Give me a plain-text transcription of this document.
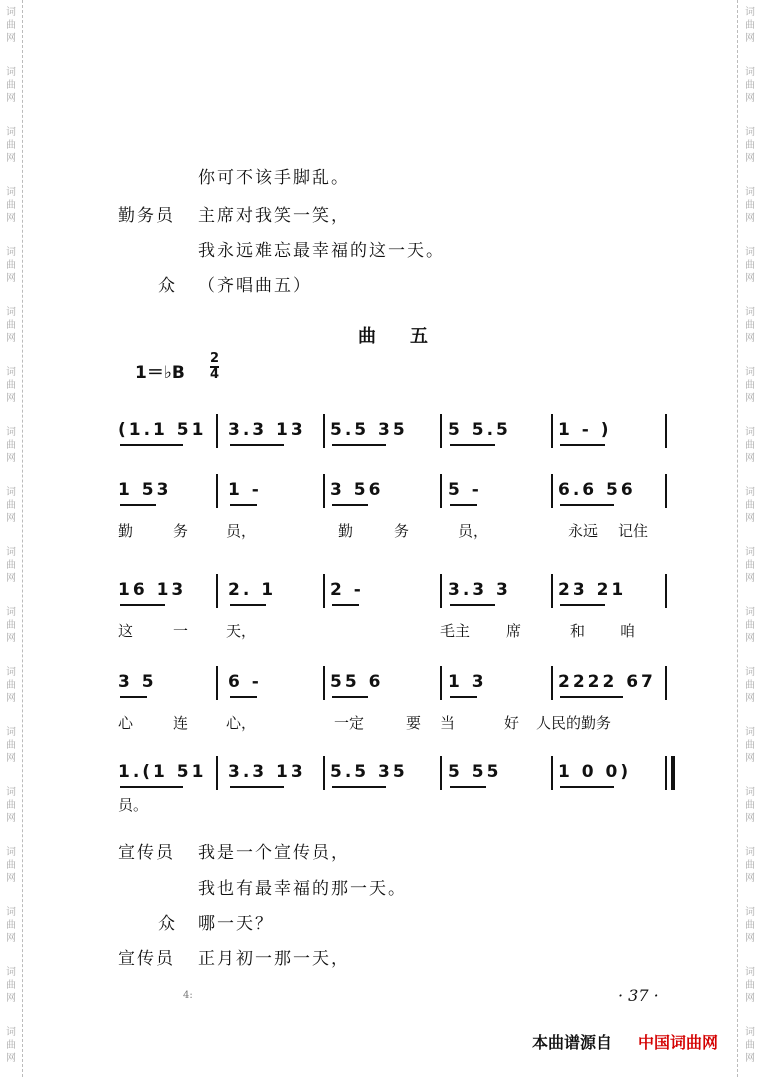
词
曲
网
词
曲
网
词
曲
网
词
曲
网
词
曲
网
词
曲
网
词
曲
网
词
曲
网
词
曲
网
词
曲
网
词
曲
网
词
曲
网
词
曲
网
词
曲
网
词
曲
网
词
曲
网
词
曲
网
词
曲
网
词
曲
网
词
曲
网
词
曲
网
词
曲
网
词
曲
网
词
曲
网
词
曲
网
词
曲
网
词
曲
网
词
曲
网
词
曲
网
词
曲
网
词
曲
网
词
曲
网
词
曲
网
词
曲
网
词
曲
网
词
曲
网
你可不该手脚乱。
勤务员 主席对我笑一笑，
我永远难忘最幸福的这一天。
众 （齐唱曲五）
曲五
1＝♭B $\frac{2}{4}$
(1.1 51 3.3 13 5.5 35 5 5.5	1 - )
1 53	1 -	3 56	5 -	6.6 56
勤	务	员，	勤	务	员，	永远 记住
16 13 2. 1	2 -	3.3 3	23 21
这	一	天，	毛主 席	和 咱
3 5	6 -	55 6	1 3	2222 67
心	连	心，	一定	要 当	好 人民的勤务
1.(1 51 3.3 13 5.5 35 5 55	1 0 0)
员。
宣传员 我是一个宣传员，
我也有最幸福的那一天。
众 哪一天？
宣传员 正月初一那一天，
4:	· 37 ·
本曲谱源自 中国词曲网
